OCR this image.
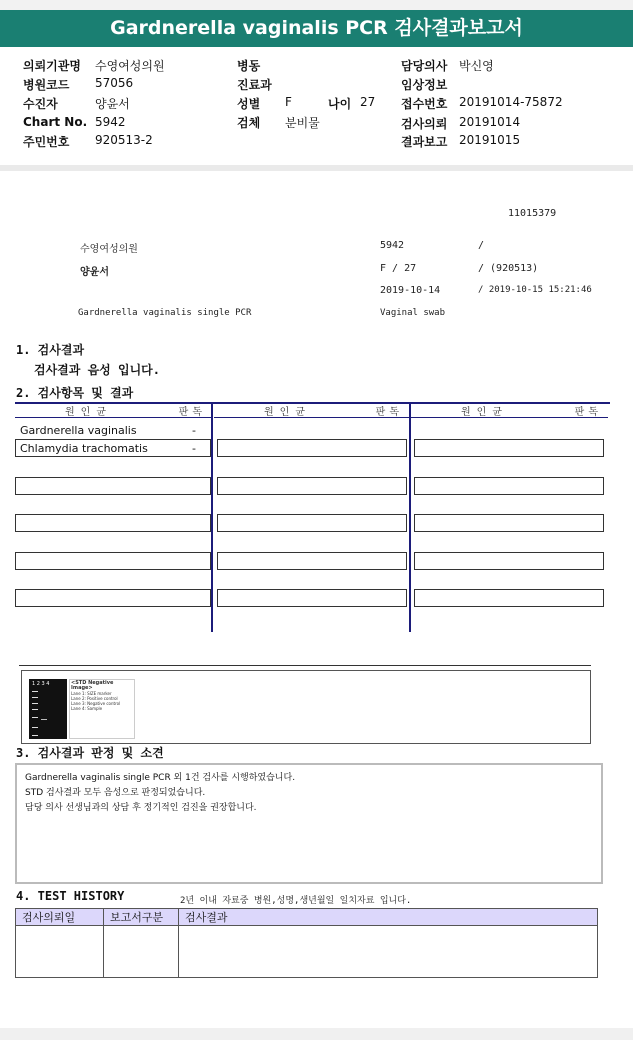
Gardnerella vaginalis PCR 검사결과보고서
의뢰기관명 수영여성의원
병원코드 57056
수진자	양윤서
Chart No. 5942
주민번호 920513-2
병동
진료과
성별 F	나이 27
검체 분비물
담당의사 박신영
임상정보
접수번호 20191014-75872
검사의뢰 20191014
결과보고 20191015
11015379
수영여성의원	5942	/
양윤서	F / 27	/ (920513)
2019-10-14	/ 2019-10-15 15:21:46
Gardnerella vaginalis single PCR	Vaginal swab
1. 검사결과
검사결과 음성 입니다.
2. 검사항목 및 결과
원인균	판독	원인균	판독	원인균	판독
Gardnerella vaginalis	-
Chlamydia trachomatis	-
1 2 3 4	<STD Negative Image>
Lane 1: SIZE marker
Lane 2: Positive control
Lane 3: Negative control
Lane 4: Sample
3. 검사결과 판정 및 소견
Gardnerella vaginalis single PCR 외 1건 검사를 시행하였습니다.
STD 검사결과 모두 음성으로 판정되었습니다.
담당 의사 선생님과의 상담 후 정기적인 검진을 권장합니다.
4. TEST HISTORY	2년 이내 자료중 병원,성명,생년월일 일치자료 입니다.
검사의뢰일	보고서구분	검사결과
